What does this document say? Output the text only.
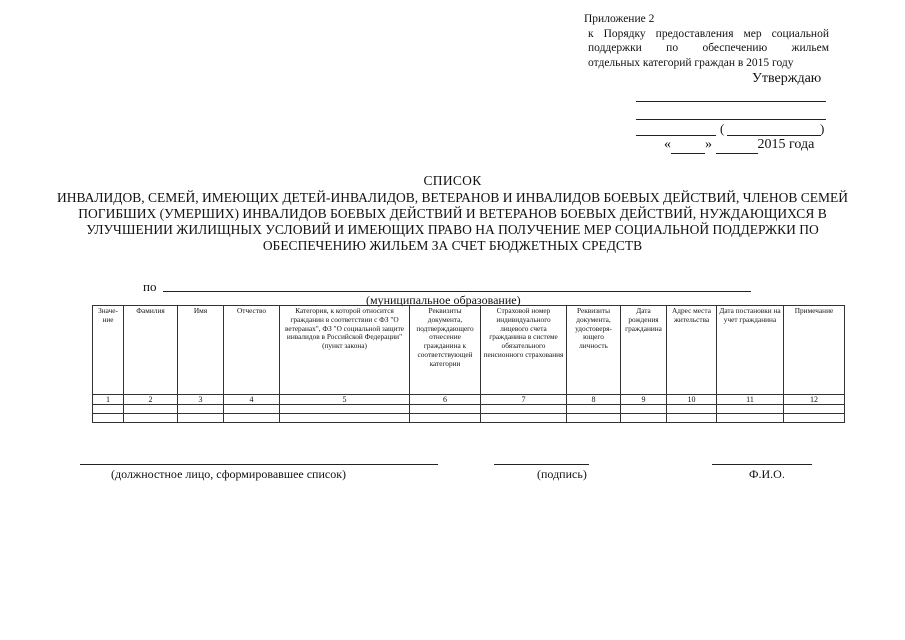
Приложение 2
к Порядку предоставления мер социальной
поддержки по обеспечению жильем
отдельных категорий граждан в 2015 году
Утверждаю
(	)
« »	2015 года
СПИСОК
ИНВАЛИДОВ, СЕМЕЙ, ИМЕЮЩИХ ДЕТЕЙ-ИНВАЛИДОВ, ВЕТЕРАНОВ И ИНВАЛИДОВ БОЕВЫХ ДЕЙСТВИЙ, ЧЛЕНОВ СЕМЕЙ ПОГИБШИХ (УМЕРШИХ) ИНВАЛИДОВ БОЕВЫХ ДЕЙСТВИЙ И ВЕТЕРАНОВ БОЕВЫХ ДЕЙСТВИЙ, НУЖДАЮЩИХСЯ В УЛУЧШЕНИИ ЖИЛИЩНЫХ УСЛОВИЙ И ИМЕЮЩИХ ПРАВО НА ПОЛУЧЕНИЕ МЕР СОЦИАЛЬНОЙ ПОДДЕРЖКИ ПО ОБЕСПЕЧЕНИЮ ЖИЛЬЕМ ЗА СЧЕТ БЮДЖЕТНЫХ СРЕДСТВ
по
(муниципальное образование)
Значе-ние	Фамилия	Имя	Отчество	Категория, к которой относится гражданин в соответствии с ФЗ "О ветеранах", ФЗ "О социальной защите инвалидов в Российской Федерации" (пункт закона)	Реквизиты документа, подтверждающего отнесение гражданина к соответствующей категории	Страховой номер индивидуального лицевого счета гражданина в системе обязательного пенсионного страхования	Реквизиты документа, удостоверя-ющего личность	Дата рождения гражданина	Адрес места жительства	Дата постановки на учет гражданина	Примечание
1	2	3	4	5	6	7	8	9	10	11	12

(должностное лицо, сформировавшее список)	(подпись)	Ф.И.О.
